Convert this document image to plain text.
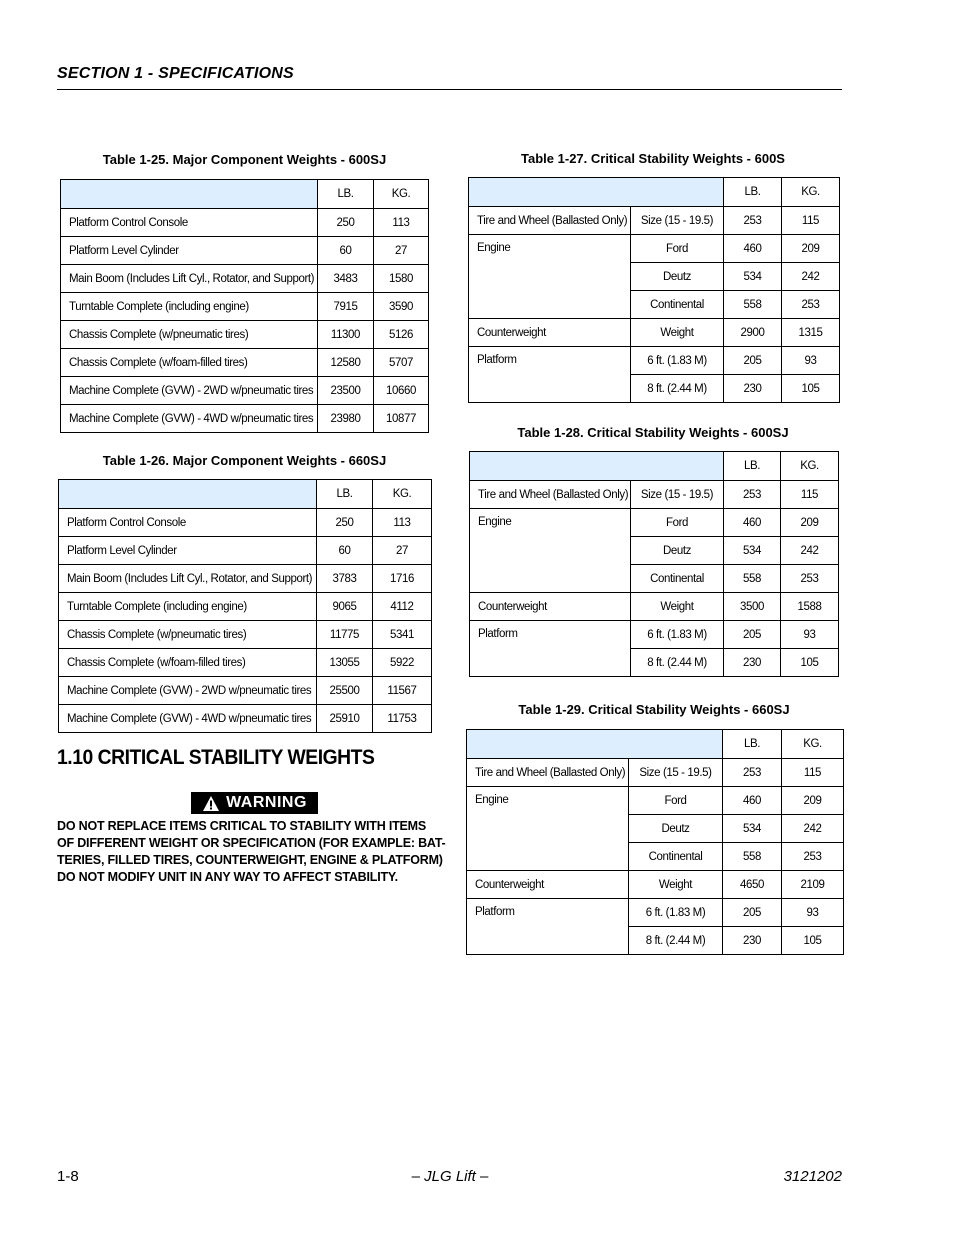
SECTION 1 - SPECIFICATIONS
Table 1-25. Major Component Weights - 600SJ
	LB.	KG.
Platform Control Console	250	113
Platform Level Cylinder	60	27
Main Boom (Includes Lift Cyl., Rotator, and Support)	3483	1580
Turntable Complete (including engine)	7915	3590
Chassis Complete (w/pneumatic tires)	11300	5126
Chassis Complete (w/foam-filled tires)	12580	5707
Machine Complete (GVW) - 2WD w/pneumatic tires	23500	10660
Machine Complete (GVW) - 4WD w/pneumatic tires	23980	10877
Table 1-26. Major Component Weights - 660SJ
	LB.	KG.
Platform Control Console	250	113
Platform Level Cylinder	60	27
Main Boom (Includes Lift Cyl., Rotator, and Support)	3783	1716
Turntable Complete (including engine)	9065	4112
Chassis Complete (w/pneumatic tires)	11775	5341
Chassis Complete (w/foam-filled tires)	13055	5922
Machine Complete (GVW) - 2WD w/pneumatic tires	25500	11567
Machine Complete (GVW) - 4WD w/pneumatic tires	25910	11753
1.10 CRITICAL STABILITY WEIGHTS
WARNING
DO NOT REPLACE ITEMS CRITICAL TO STABILITY WITH ITEMS
OF DIFFERENT WEIGHT OR SPECIFICATION (FOR EXAMPLE: BAT-
TERIES, FILLED TIRES, COUNTERWEIGHT, ENGINE & PLATFORM)
DO NOT MODIFY UNIT IN ANY WAY TO AFFECT STABILITY.
Table 1-27. Critical Stability Weights - 600S
		LB.	KG.
Tire and Wheel (Ballasted Only)	Size (15 - 19.5)	253	115
Engine	Ford	460	209
	Deutz	534	242
	Continental	558	253
Counterweight	Weight	2900	1315
Platform	6 ft. (1.83 M)	205	93
	8 ft. (2.44 M)	230	105
Table 1-28. Critical Stability Weights - 600SJ
		LB.	KG.
Tire and Wheel (Ballasted Only)	Size (15 - 19.5)	253	115
Engine	Ford	460	209
	Deutz	534	242
	Continental	558	253
Counterweight	Weight	3500	1588
Platform	6 ft. (1.83 M)	205	93
	8 ft. (2.44 M)	230	105
Table 1-29. Critical Stability Weights - 660SJ
		LB.	KG.
Tire and Wheel (Ballasted Only)	Size (15 - 19.5)	253	115
Engine	Ford	460	209
	Deutz	534	242
	Continental	558	253
Counterweight	Weight	4650	2109
Platform	6 ft. (1.83 M)	205	93
	8 ft. (2.44 M)	230	105
1-8	– JLG Lift –	3121202
